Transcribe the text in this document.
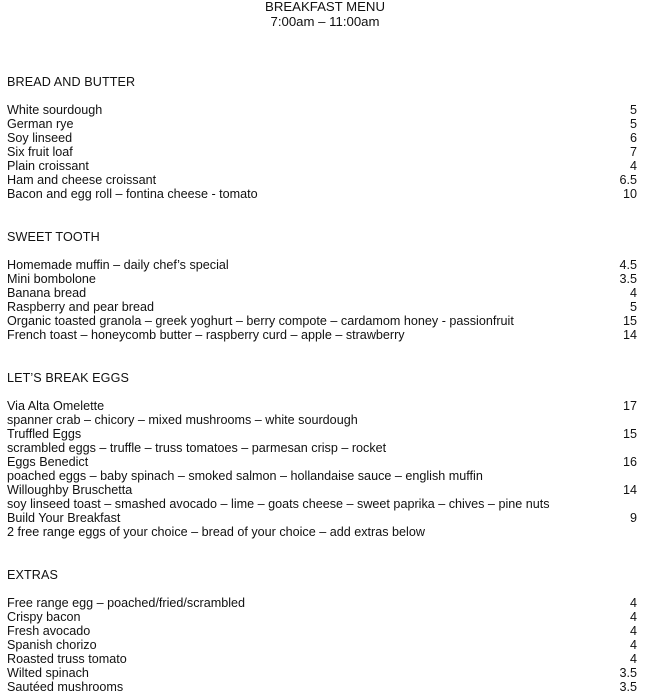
BREAKFAST MENU
7:00am – 11:00am
BREAD AND BUTTER
White sourdough	5
German rye	5
Soy linseed	6
Six fruit loaf	7
Plain croissant	4
Ham and cheese croissant	6.5
Bacon and egg roll – fontina cheese - tomato	10
SWEET TOOTH
Homemade muffin – daily chef’s special	4.5
Mini bombolone	3.5
Banana bread	4
Raspberry and pear bread	5
Organic toasted granola – greek yoghurt – berry compote – cardamom honey - passionfruit	15
French toast – honeycomb butter – raspberry curd – apple – strawberry	14
LET’S BREAK EGGS
Via Alta Omelette	17
spanner crab – chicory – mixed mushrooms – white sourdough
Truffled Eggs	15
scrambled eggs – truffle – truss tomatoes – parmesan crisp – rocket
Eggs Benedict	16
poached eggs – baby spinach – smoked salmon – hollandaise sauce – english muffin
Willoughby Bruschetta	14
soy linseed toast – smashed avocado – lime – goats cheese – sweet paprika – chives – pine nuts
Build Your Breakfast	9
2 free range eggs of your choice – bread of your choice – add extras below
EXTRAS
Free range egg – poached/fried/scrambled	4
Crispy bacon	4
Fresh avocado	4
Spanish chorizo	4
Roasted truss tomato	4
Wilted spinach	3.5
Sautéed mushrooms	3.5
